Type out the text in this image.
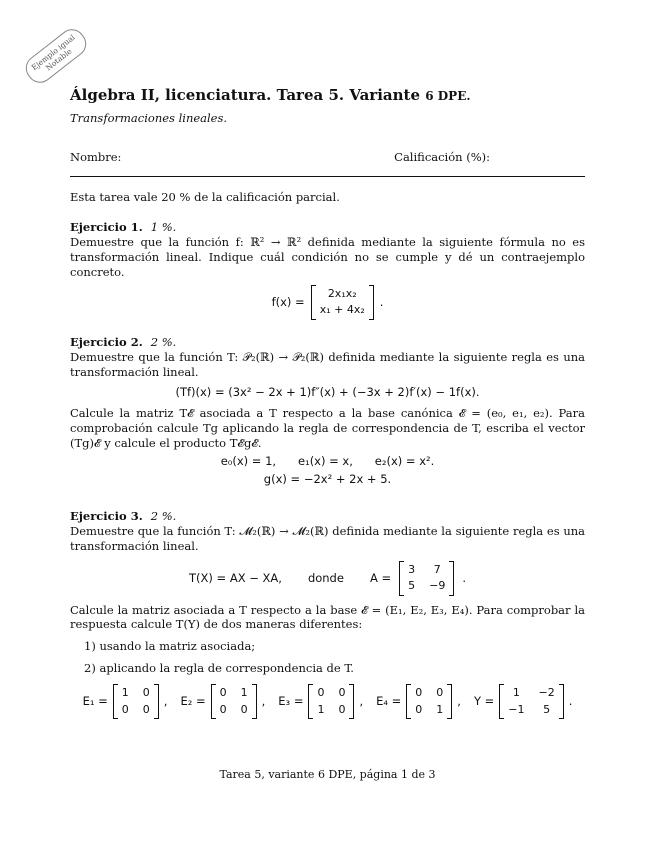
Ejemplo igual Notable
Álgebra II, licenciatura. Tarea 5. Variante 6 DPE.
Transformaciones lineales.
Nombre:	Calificación (%):

Esta tarea vale 20 % de la calificación parcial.

Ejercicio 1. 1 %.

Demuestre que la función f: ℝ² → ℝ² definida mediante la siguiente fórmula no es transformación lineal. Indique cuál condición no se cumple y dé un contraejemplo concreto.

f(x) =
2x₁x₂
x₁ + 4x₂
.
Ejercicio 2. 2 %.

Demuestre que la función T: 𝒫₂(ℝ) → 𝒫₂(ℝ) definida mediante la siguiente regla es una transformación lineal.

(Tf)(x) = (3x² − 2x + 1)f″(x) + (−3x + 2)f′(x) − 1f(x).

Calcule la matriz T𝓔 asociada a T respecto a la base canónica 𝓔 = (e₀, e₁, e₂). Para comprobación calcule Tg aplicando la regla de correspondencia de T, escriba el vector (Tg)𝓔 y calcule el producto T𝓔g𝓔.

e₀(x) = 1,      e₁(x) = x,      e₂(x) = x².
g(x) = −2x² + 2x + 5.
Ejercicio 3. 2 %.

Demuestre que la función T: 𝓜₂(ℝ) → 𝓜₂(ℝ) definida mediante la siguiente regla es una transformación lineal.

T(X) = AX − XA, donde A =
3	7
5 −9
.

Calcule la matriz asociada a T respecto a la base 𝓔 = (E₁, E₂, E₃, E₄). Para comprobar la respuesta calcule T(Y) de dos maneras diferentes:

1) usando la matriz asociada;
2) aplicando la regla de correspondencia de T.
E₁ =
1 0
0 0
, E₂ =
0 1
0 0
, E₃ =
0 0
1 0
, E₄ =
0 0
0 1
, Y =
1	−2
−1	5
.
Tarea 5, variante 6 DPE, página 1 de 3
